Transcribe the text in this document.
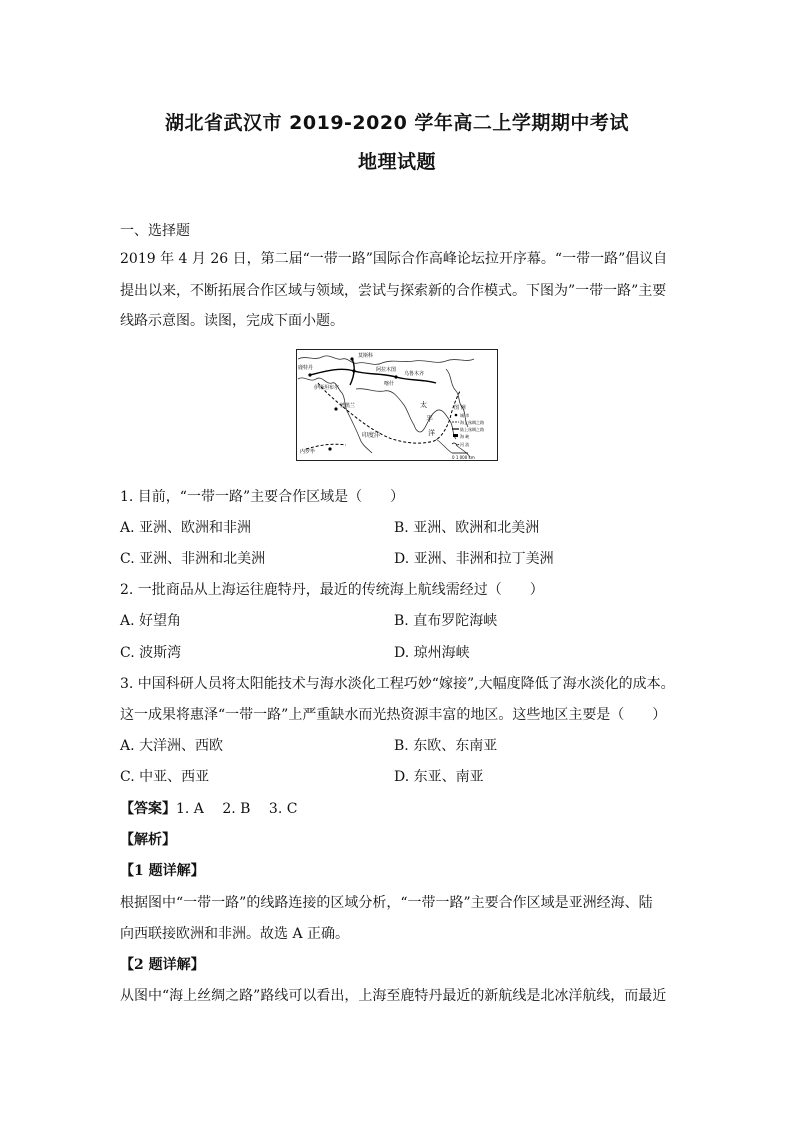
湖北省武汉市 2019-2020 学年高二上学期期中考试
地理试题
一、选择题
2019 年 4 月 26 日，第二届“一带一路”国际合作高峰论坛拉开序幕。“一带一路”倡议自
提出以来，不断拓展合作区域与领域，尝试与探索新的合作模式。下图为”一带一路”主要
线路示意图。读图，完成下面小题。
莫斯科
鹿特丹	阿拉木图
乌鲁木齐
喀什
德黑兰
伊斯坦布尔
太
平
洋
印度洋
内罗毕
图 例
城 市
海上丝绸之路
陆上丝绸之路
海 峡
河 流
0 1 000 km
1. 目前，“一带一路”主要合作区域是（　　）
A. 亚洲、欧洲和非洲	B. 亚洲、欧洲和北美洲
C. 亚洲、非洲和北美洲	D. 亚洲、非洲和拉丁美洲
2. 一批商品从上海运往鹿特丹，最近的传统海上航线需经过（　　）
A. 好望角	B. 直布罗陀海峡
C. 波斯湾	D. 琼州海峡
3. 中国科研人员将太阳能技术与海水淡化工程巧妙“嫁接”,大幅度降低了海水淡化的成本。
这一成果将惠泽“一带一路”上严重缺水而光热资源丰富的地区。这些地区主要是（　　）
A. 大洋洲、西欧	B. 东欧、东南亚
C. 中亚、西亚	D. 东亚、南亚
【答案】1. A　 2. B　 3. C
【解析】
【1 题详解】
根据图中“一带一路”的线路连接的区域分析，“一带一路”主要合作区域是亚洲经海、陆
向西联接欧洲和非洲。故选 A 正确。
【2 题详解】
从图中“海上丝绸之路”路线可以看出，上海至鹿特丹最近的新航线是北冰洋航线，而最近
